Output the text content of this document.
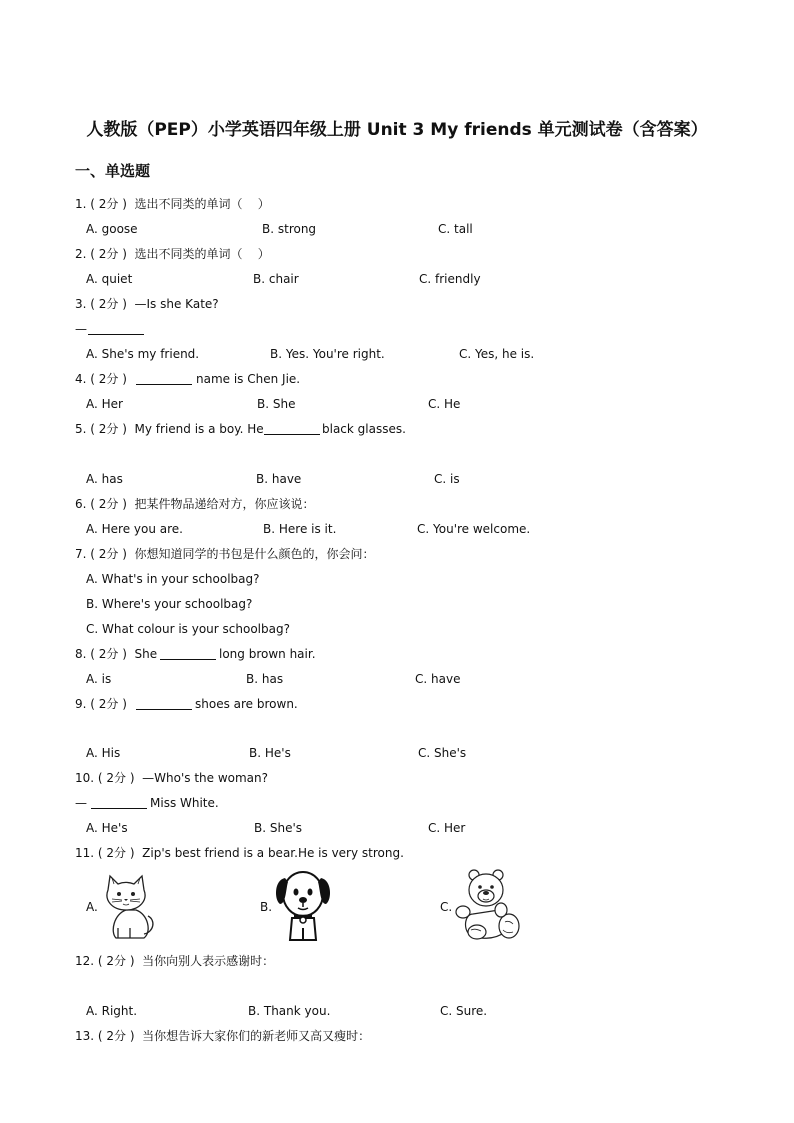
人教版（PEP）小学英语四年级上册 Unit 3 My friends 单元测试卷（含答案）
一、单选题
1. ( 2分 )  选出不同类的单词（    ）
A. goose	B. strong	C. tall
2. ( 2分 )  选出不同类的单词（    ）
A. quiet	B. chair	C. friendly
3. ( 2分 )  —Is she Kate?
—
A. She's my friend.	B. Yes. You're right.	C. Yes, he is.
4. ( 2分 )	name is Chen Jie.
A. Her	B. She	C. He
5. ( 2分 )  My friend is a boy. He	black glasses.
A. has	B. have	C. is
6. ( 2分 )  把某件物品递给对方，你应该说：
A. Here you are.	B. Here is it.	C. You're welcome.
7. ( 2分 )  你想知道同学的书包是什么颜色的，你会问：
A. What's in your schoolbag?
B. Where's your schoolbag?
C. What colour is your schoolbag?
8. ( 2分 )  She	long brown hair.
A. is	B. has	C. have
9. ( 2分 )	shoes are brown.
A. His	B. He's	C. She's
10. ( 2分 )  —Who's the woman?
—	Miss White.
A. He's	B. She's	C. Her
11. ( 2分 )  Zip's best friend is a bear.He is very strong.
A.	B.	C.
12. ( 2分 )  当你向别人表示感谢时：
A. Right.	B. Thank you.	C. Sure.
13. ( 2分 )  当你想告诉大家你们的新老师又高又瘦时：
